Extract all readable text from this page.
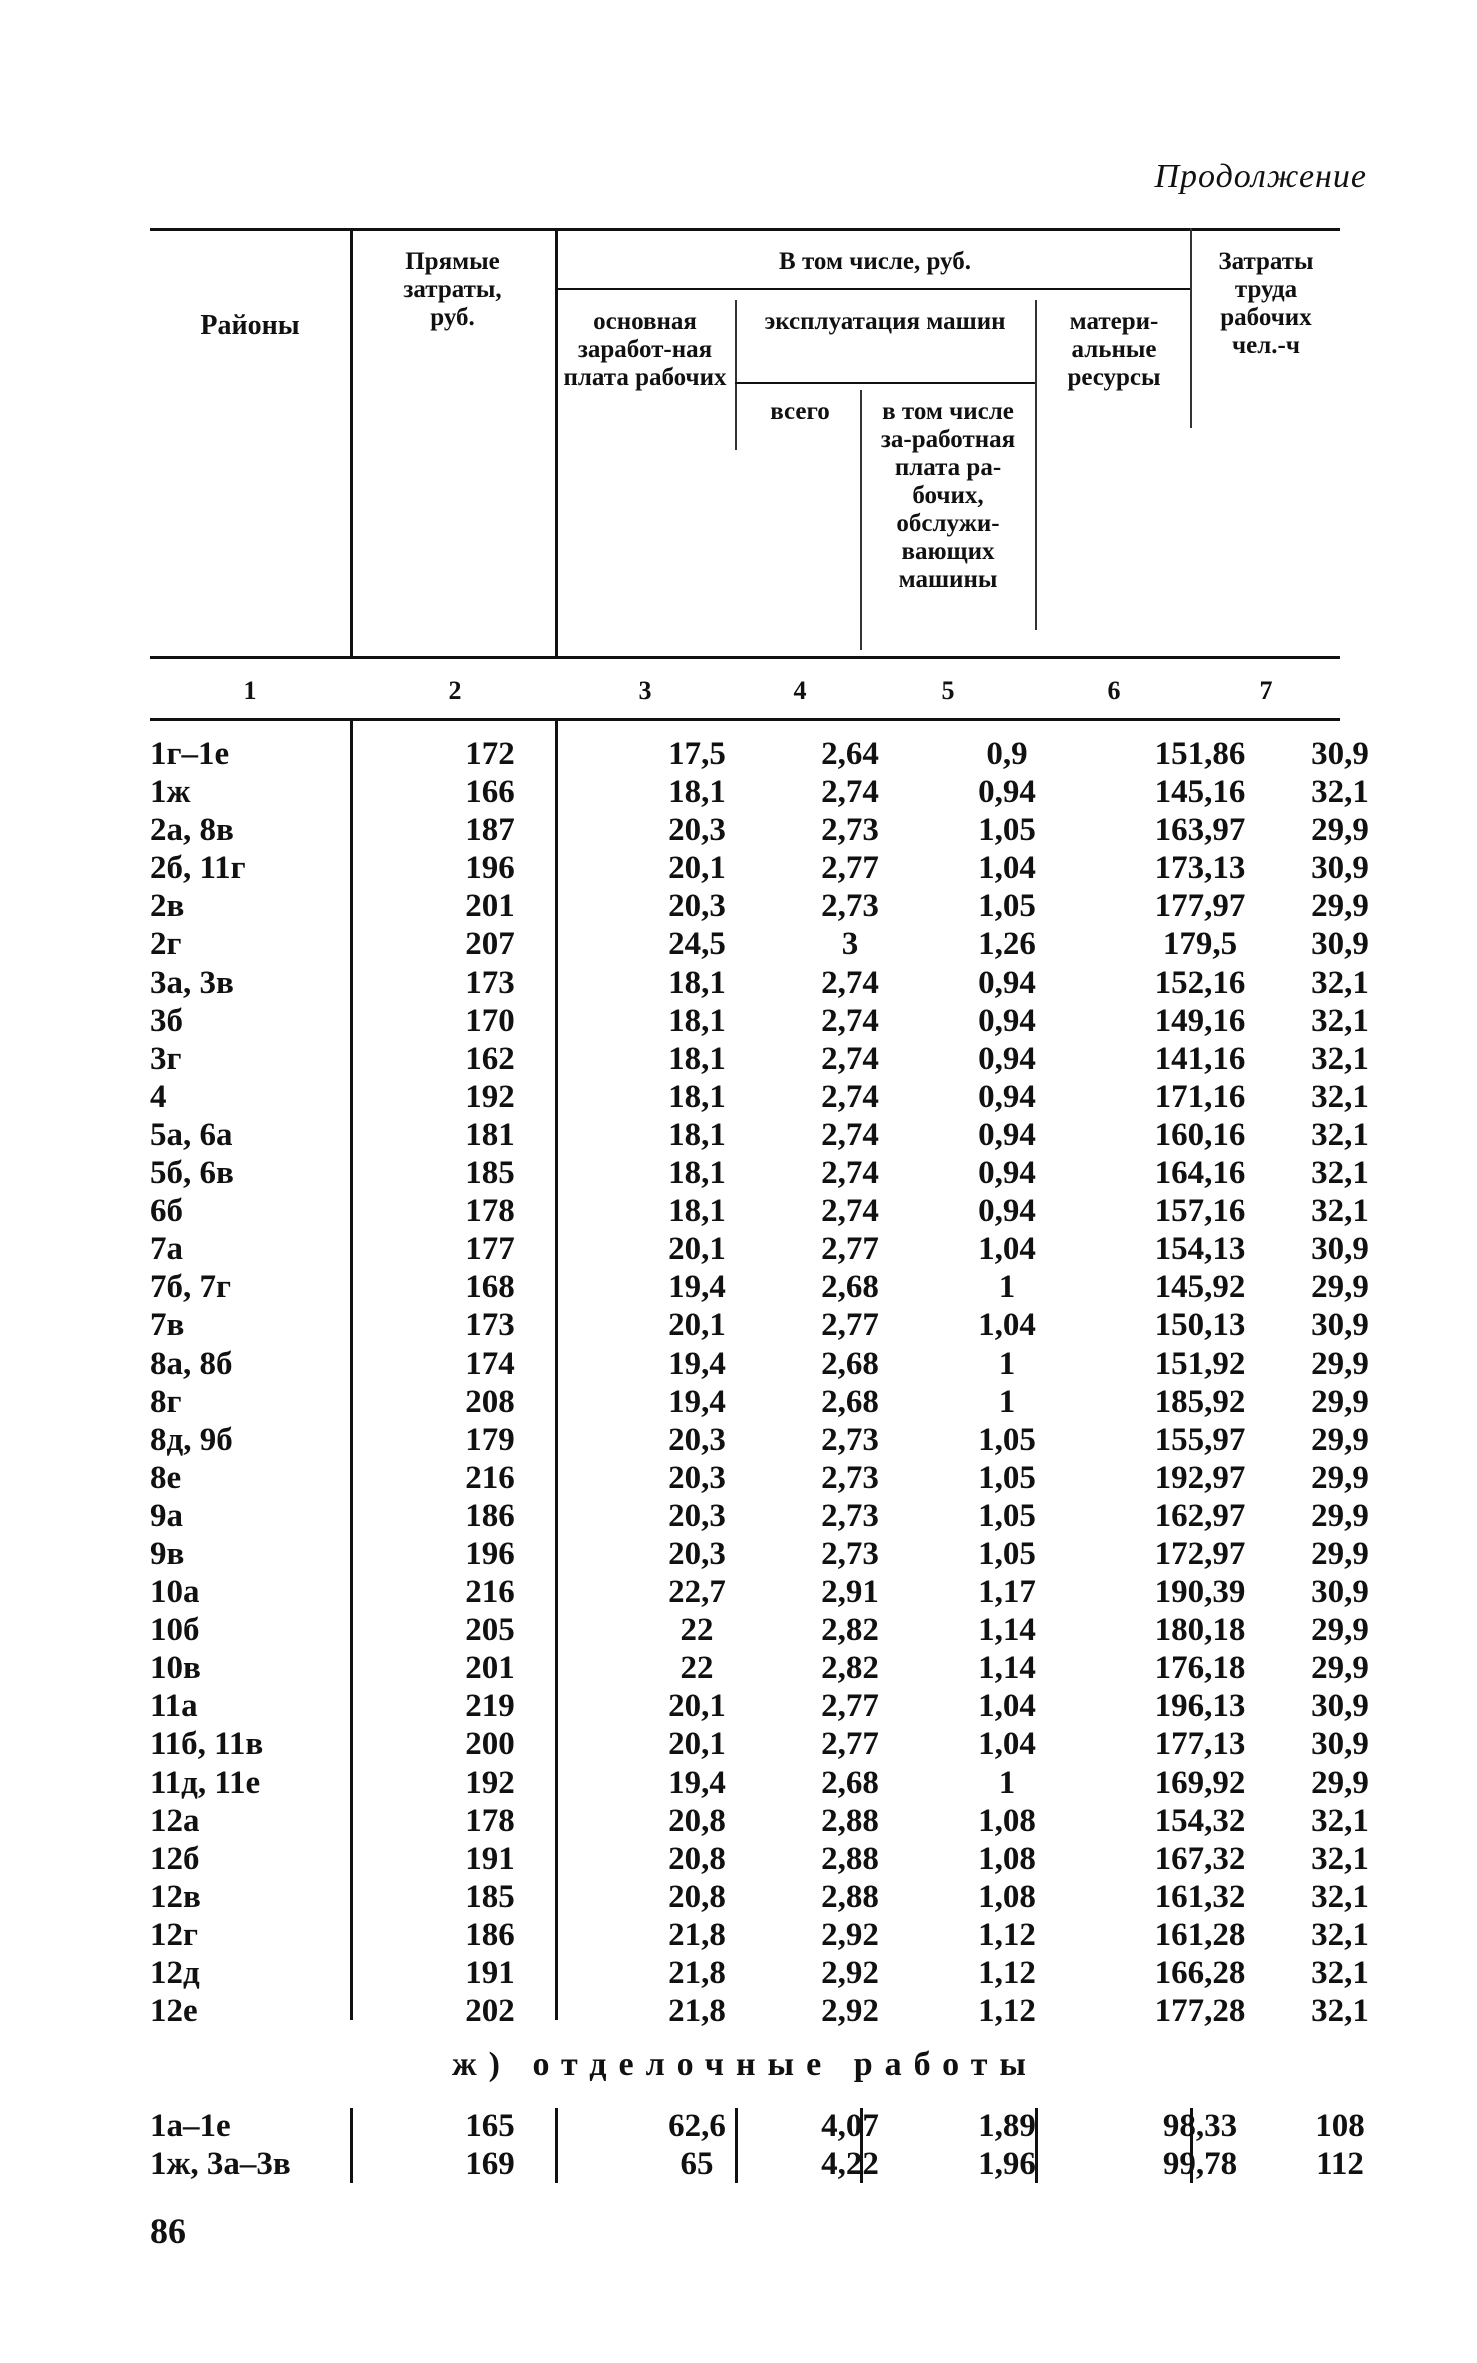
Продолжение
Районы
Прямые затраты, руб.
В том числе, руб.
основная заработ-ная плата рабочих
эксплуатация машин
всего	в том числе за-работная плата ра-бочих, обслужи-вающих машины
матери-альные ресурсы
Затраты труда рабочих чел.-ч
1	2	3	4	5	6	7
1г–1е	172	17,5	2,64	0,9	151,86	30,9
1ж	166	18,1	2,74	0,94	145,16	32,1
2а, 8в	187	20,3	2,73	1,05	163,97	29,9
2б, 11г	196	20,1	2,77	1,04	173,13	30,9
2в	201	20,3	2,73	1,05	177,97	29,9
2г	207	24,5	3	1,26	179,5	30,9
3а, 3в	173	18,1	2,74	0,94	152,16	32,1
3б	170	18,1	2,74	0,94	149,16	32,1
3г	162	18,1	2,74	0,94	141,16	32,1
4	192	18,1	2,74	0,94	171,16	32,1
5а, 6а	181	18,1	2,74	0,94	160,16	32,1
5б, 6в	185	18,1	2,74	0,94	164,16	32,1
6б	178	18,1	2,74	0,94	157,16	32,1
7а	177	20,1	2,77	1,04	154,13	30,9
7б, 7г	168	19,4	2,68	1	145,92	29,9
7в	173	20,1	2,77	1,04	150,13	30,9
8а, 8б	174	19,4	2,68	1	151,92	29,9
8г	208	19,4	2,68	1	185,92	29,9
8д, 9б	179	20,3	2,73	1,05	155,97	29,9
8е	216	20,3	2,73	1,05	192,97	29,9
9а	186	20,3	2,73	1,05	162,97	29,9
9в	196	20,3	2,73	1,05	172,97	29,9
10а	216	22,7	2,91	1,17	190,39	30,9
10б	205	22	2,82	1,14	180,18	29,9
10в	201	22	2,82	1,14	176,18	29,9
11а	219	20,1	2,77	1,04	196,13	30,9
11б, 11в	200	20,1	2,77	1,04	177,13	30,9
11д, 11е	192	19,4	2,68	1	169,92	29,9
12а	178	20,8	2,88	1,08	154,32	32,1
12б	191	20,8	2,88	1,08	167,32	32,1
12в	185	20,8	2,88	1,08	161,32	32,1
12г	186	21,8	2,92	1,12	161,28	32,1
12д	191	21,8	2,92	1,12	166,28	32,1
12е	202	21,8	2,92	1,12	177,28	32,1
ж) отделочные работы
1а–1е	165	62,6	4,07	1,89	98,33	108
1ж, 3а–3в	169	65	4,22	1,96	99,78	112
86
